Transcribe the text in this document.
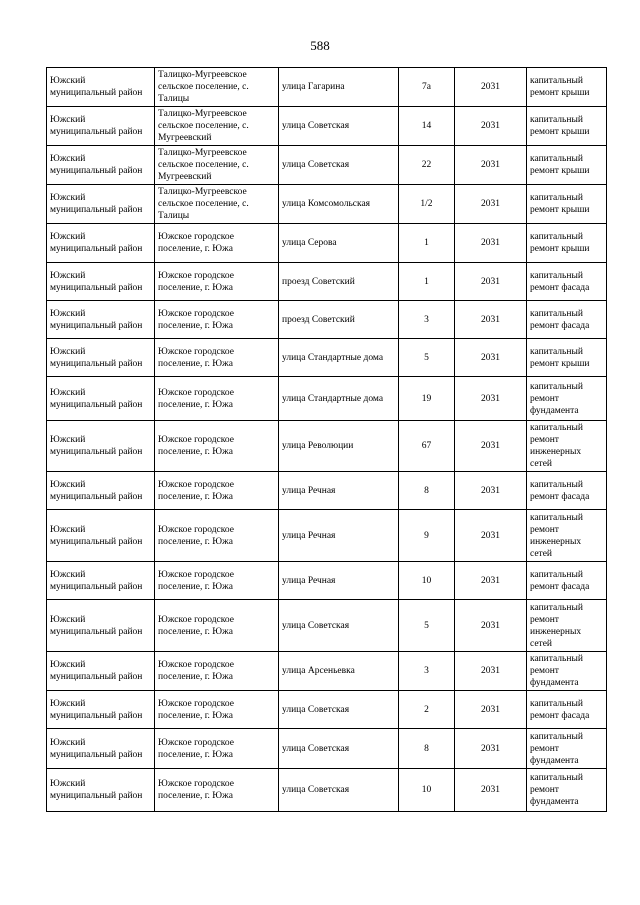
588
Южский муниципальный район	Талицко-Мугреевское сельское поселение, с. Талицы	улица Гагарина	7а	2031	капитальный ремонт крыши
Южский муниципальный район	Талицко-Мугреевское сельское поселение, с. Мугреевский	улица Советская	14	2031	капитальный ремонт крыши
Южский муниципальный район	Талицко-Мугреевское сельское поселение, с. Мугреевский	улица Советская	22	2031	капитальный ремонт крыши
Южский муниципальный район	Талицко-Мугреевское сельское поселение, с. Талицы	улица Комсомольская	1/2	2031	капитальный ремонт крыши
Южский муниципальный район	Южское городское поселение, г. Южа	улица Серова	1	2031	капитальный ремонт крыши
Южский муниципальный район	Южское городское поселение, г. Южа	проезд Советский	1	2031	капитальный ремонт фасада
Южский муниципальный район	Южское городское поселение, г. Южа	проезд Советский	3	2031	капитальный ремонт фасада
Южский муниципальный район	Южское городское поселение, г. Южа	улица Стандартные дома	5	2031	капитальный ремонт крыши
Южский муниципальный район	Южское городское поселение, г. Южа	улица Стандартные дома	19	2031	капитальный ремонт фундамента
Южский муниципальный район	Южское городское поселение, г. Южа	улица Революции	67	2031	капитальный ремонт инженерных сетей
Южский муниципальный район	Южское городское поселение, г. Южа	улица Речная	8	2031	капитальный ремонт фасада
Южский муниципальный район	Южское городское поселение, г. Южа	улица Речная	9	2031	капитальный ремонт инженерных сетей
Южский муниципальный район	Южское городское поселение, г. Южа	улица Речная	10	2031	капитальный ремонт фасада
Южский муниципальный район	Южское городское поселение, г. Южа	улица Советская	5	2031	капитальный ремонт инженерных сетей
Южский муниципальный район	Южское городское поселение, г. Южа	улица Арсеньевка	3	2031	капитальный ремонт фундамента
Южский муниципальный район	Южское городское поселение, г. Южа	улица Советская	2	2031	капитальный ремонт фасада
Южский муниципальный район	Южское городское поселение, г. Южа	улица Советская	8	2031	капитальный ремонт фундамента
Южский муниципальный район	Южское городское поселение, г. Южа	улица Советская	10	2031	капитальный ремонт фундамента
